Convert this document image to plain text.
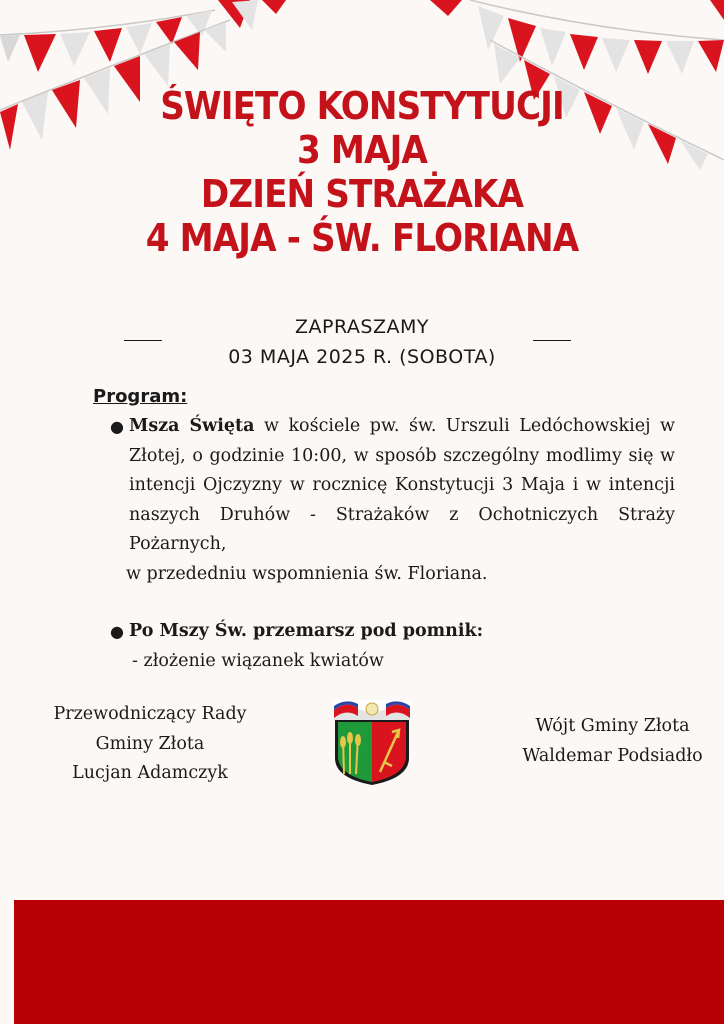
ŚWIĘTO KONSTYTUCJI
3 MAJA
DZIEŃ STRAŻAKA
4 MAJA - ŚW. FLORIANA
ZAPRASZAMY
03 MAJA 2025 R. (SOBOTA)
Program:
● Msza Święta w kościele pw. św. Urszuli Ledóchowskiej w Złotej, o godzinie 10:00, w sposób szczególny modlimy się w intencji Ojczyzny w rocznicę Konstytucji 3 Maja i w intencji naszych Druhów - Strażaków z Ochotniczych Straży Pożarnych,
w przededniu wspomnienia św. Floriana.
● Po Mszy Św. przemarsz pod pomnik:
- złożenie wiązanek kwiatów
Przewodniczący Rady
Gminy Złota
Lucjan Adamczyk
Wójt Gminy Złota
Waldemar Podsiadło
